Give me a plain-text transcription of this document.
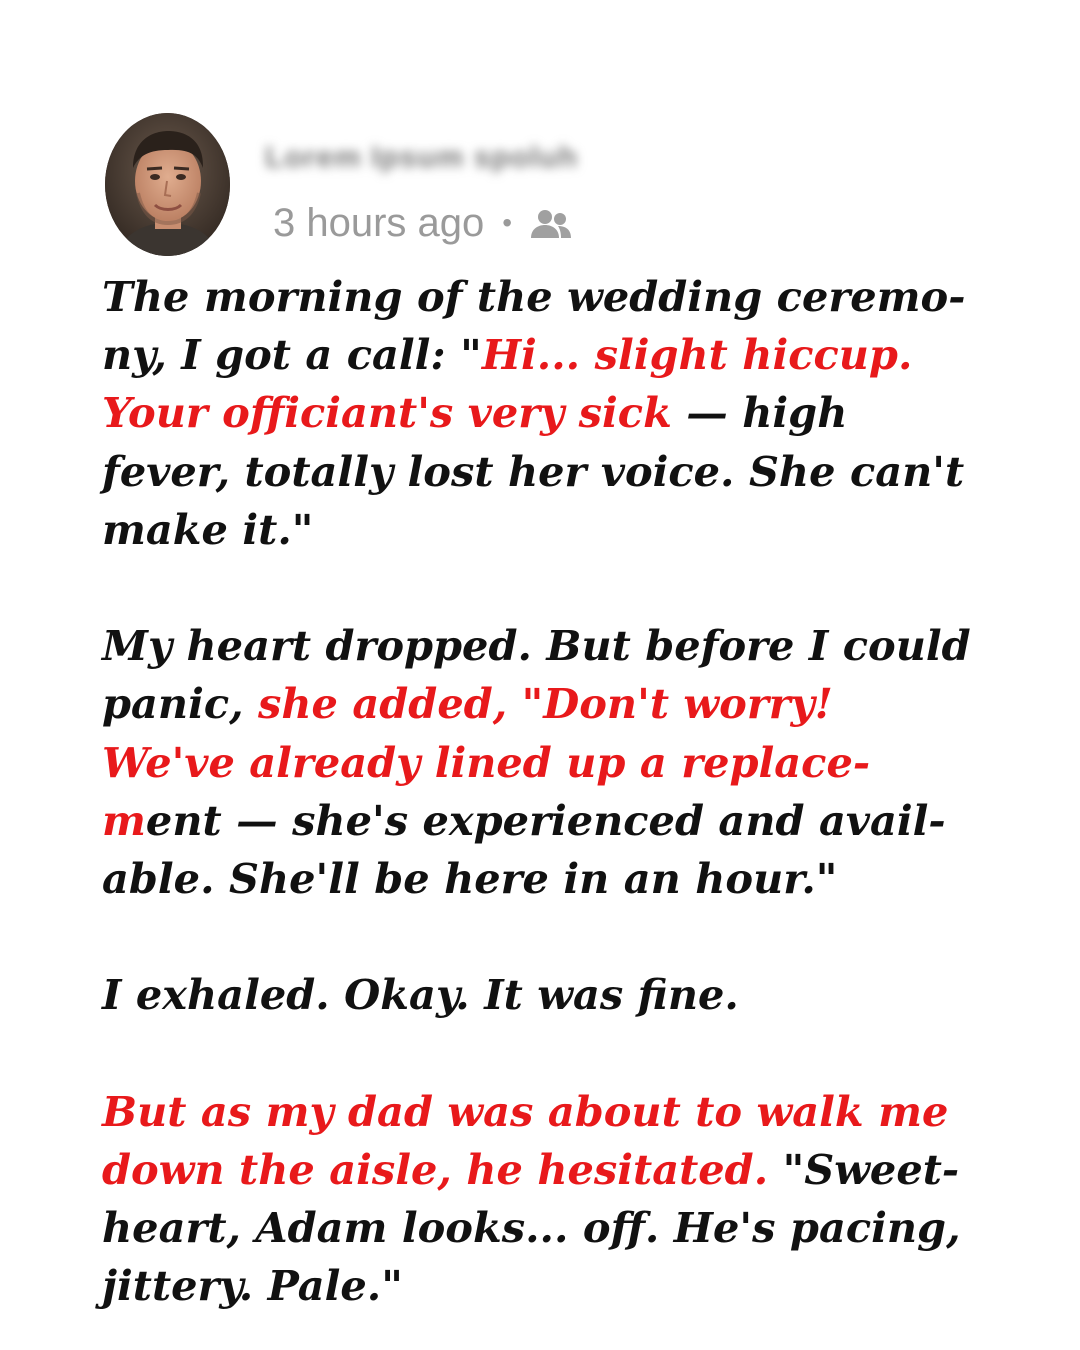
Lorem Ipsum spoluh
3 hours ago •

The morning of the wedding ceremo-
ny, I got a call: "Hi... slight hiccup.
Your officiant's very sick — high
fever, totally lost her voice. She can't
make it."

My heart dropped. But before I could
panic, she added, "Don't worry!
We've already lined up a replace-
ment — she's experienced and avail-
able. She'll be here in an hour."

I exhaled. Okay. It was fine.

But as my dad was about to walk me
down the aisle, he hesitated. "Sweet-
heart, Adam looks... off. He's pacing,
jittery. Pale."
